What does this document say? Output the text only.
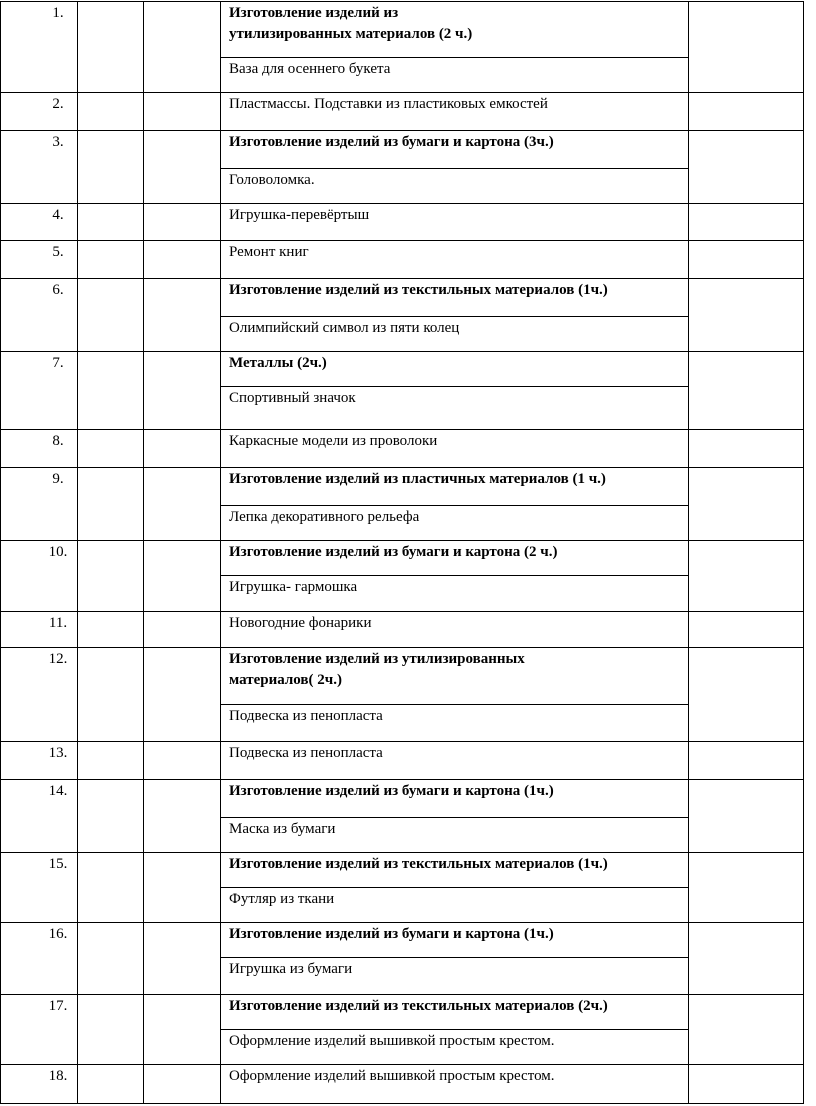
1.	Изготовление изделий из
утилизированных материалов (2 ч.)
Ваза для осеннего букета
2.	Пластмассы. Подставки из пластиковых емкостей
3.	Изготовление изделий из бумаги и картона (3ч.)
Головоломка.
4.	Игрушка-перевёртыш
5.	Ремонт книг
6.	Изготовление изделий из текстильных материалов (1ч.)
Олимпийский символ из пяти колец
7.	Металлы (2ч.)
Спортивный значок
8.	Каркасные модели из проволоки
9.	Изготовление изделий из пластичных материалов (1 ч.)
Лепка декоративного рельефа
10.	Изготовление изделий из бумаги и картона (2 ч.)
Игрушка- гармошка
11.	Новогодние фонарики
12.	Изготовление изделий из утилизированных
материалов( 2ч.)
Подвеска из пенопласта
13.	Подвеска из пенопласта
14.	Изготовление изделий из бумаги и картона (1ч.)
Маска из бумаги
15.	Изготовление изделий из текстильных материалов (1ч.)
Футляр из ткани
16.	Изготовление изделий из бумаги и картона (1ч.)
Игрушка из бумаги
17.	Изготовление изделий из текстильных материалов (2ч.)
Оформление изделий вышивкой простым крестом.
18.	Оформление изделий вышивкой простым крестом.
